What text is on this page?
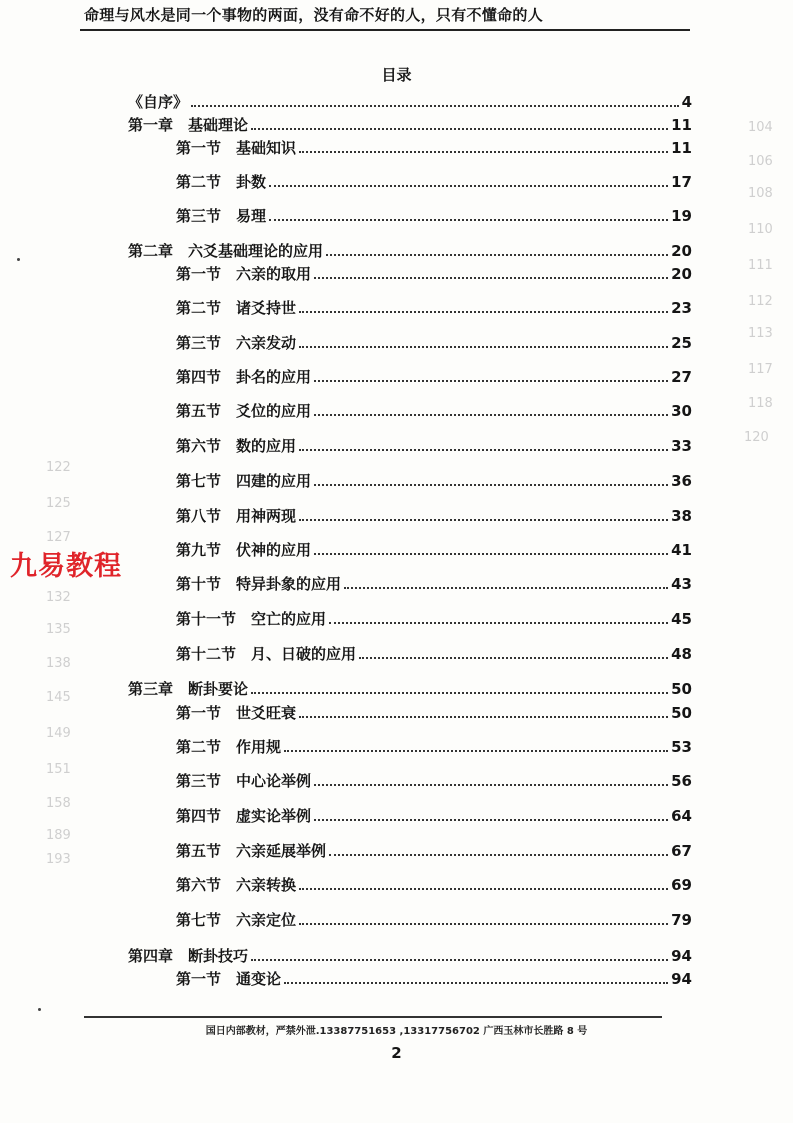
命理与风水是同一个事物的两面，没有命不好的人，只有不懂命的人
104
106
108
110
111
112
113
117
118
120
目录
《自序》	4
第一章　基础理论	11
第一节　基础知识	11
第二节　卦数	17
第三节　易理	19
第二章　六爻基础理论的应用	20
第一节　六亲的取用	20
第二节　诸爻持世	23
第三节　六亲发动	25
第四节　卦名的应用	27
第五节　爻位的应用	30
第六节　数的应用	33
第七节　四建的应用	36
第八节　用神两现	38
第九节　伏神的应用	41
第十节　特异卦象的应用	43
第十一节　空亡的应用	45
第十二节　月、日破的应用	48
第三章　断卦要论	50
第一节　世爻旺衰	50
第二节　作用规	53
第三节　中心论举例	56
第四节　虚实论举例	64
第五节　六亲延展举例	67
第六节　六亲转换	69
第七节　六亲定位	79
第四章　断卦技巧	94
第一节　通变论	94
122
125
127
132
135
138
145
149
151
158
189
193
九易教程
国日内部教材，严禁外泄.13387751653 ,13317756702 广西玉林市长胜路 8 号
2
